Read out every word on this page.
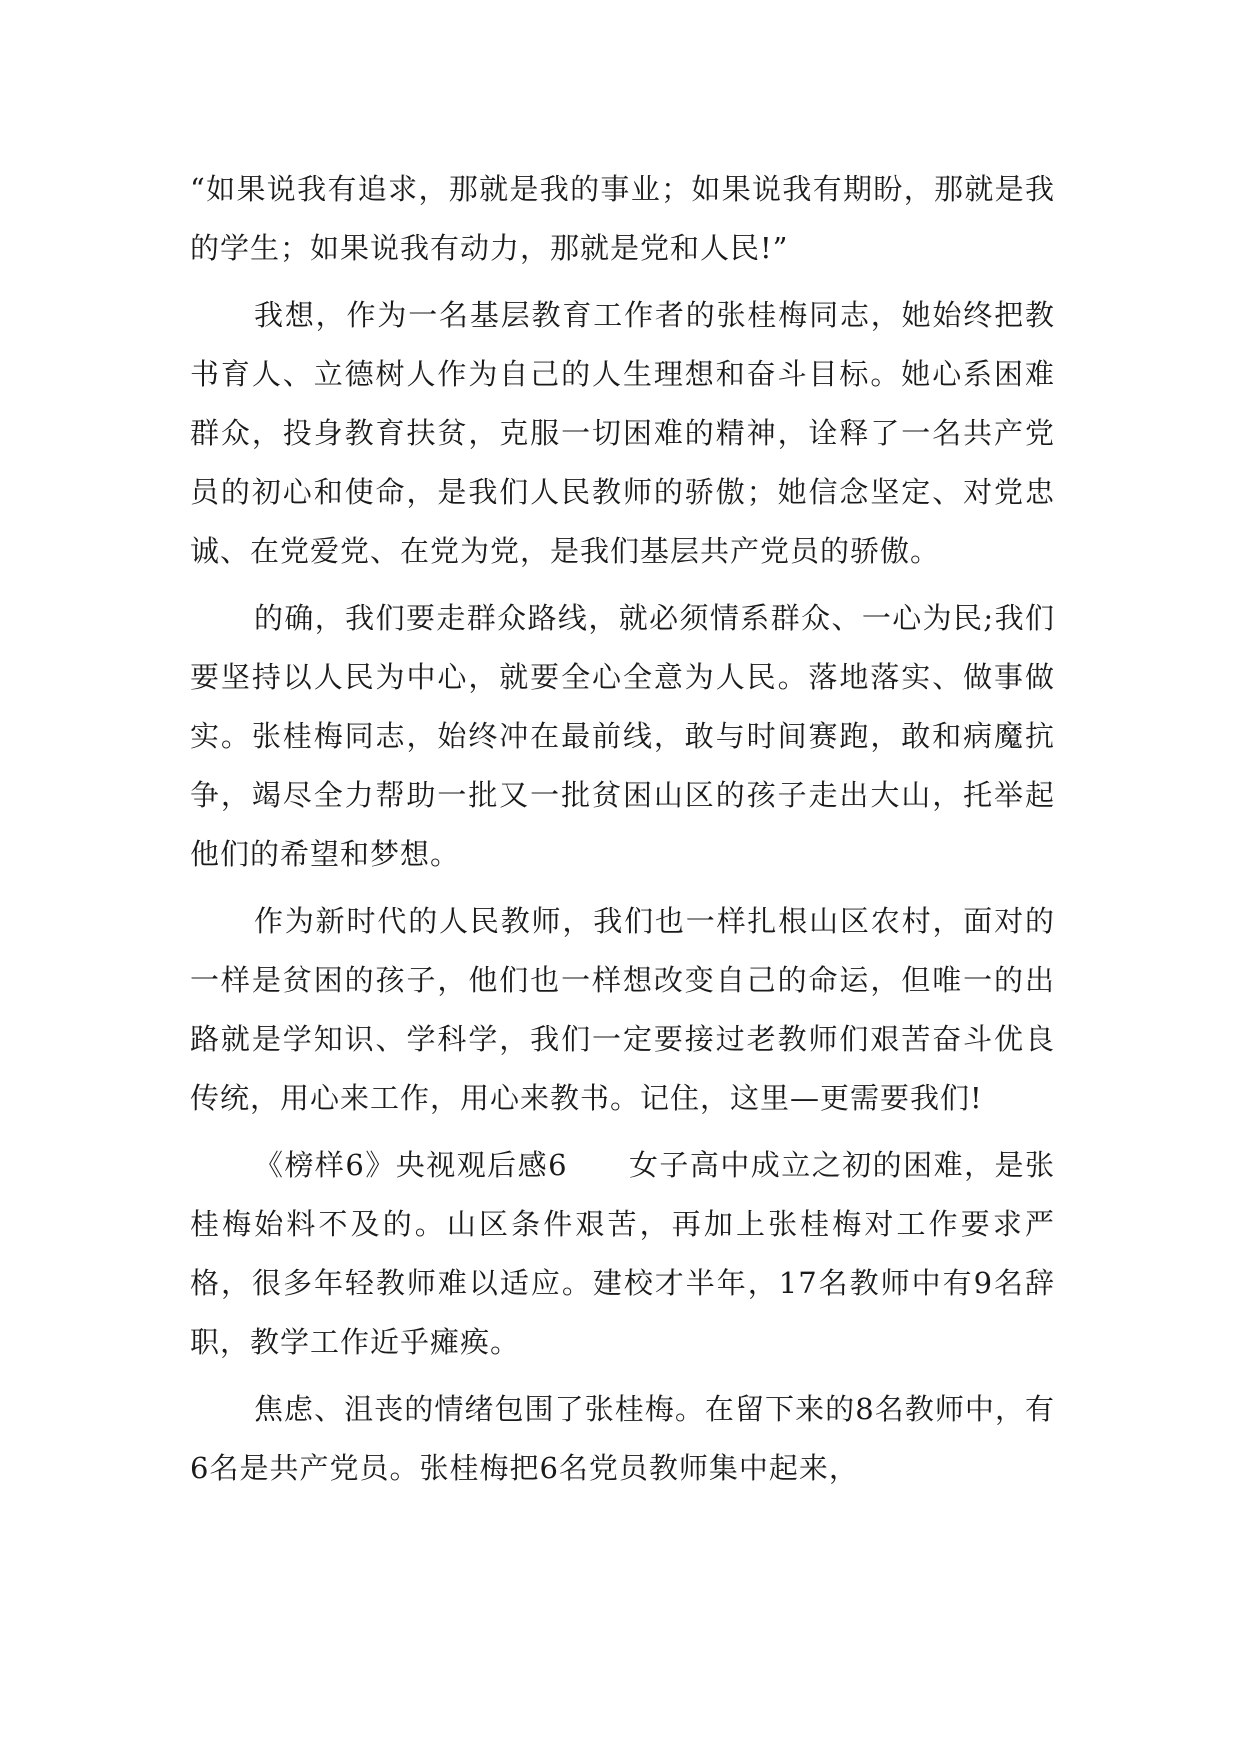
“如果说我有追求，那就是我的事业；如果说我有期盼，那就是我的学生；如果说我有动力，那就是党和人民!”

我想，作为一名基层教育工作者的张桂梅同志，她始终把教书育人、立德树人作为自己的人生理想和奋斗目标。她心系困难群众，投身教育扶贫，克服一切困难的精神，诠释了一名共产党员的初心和使命，是我们人民教师的骄傲；她信念坚定、对党忠诚、在党爱党、在党为党，是我们基层共产党员的骄傲。

的确，我们要走群众路线，就必须情系群众、一心为民;我们要坚持以人民为中心，就要全心全意为人民。落地落实、做事做实。张桂梅同志，始终冲在最前线，敢与时间赛跑，敢和病魔抗争，竭尽全力帮助一批又一批贫困山区的孩子走出大山，托举起他们的希望和梦想。

作为新时代的人民教师，我们也一样扎根山区农村，面对的一样是贫困的孩子，他们也一样想改变自己的命运，但唯一的出路就是学知识、学科学，我们一定要接过老教师们艰苦奋斗优良传统，用心来工作，用心来教书。记住，这里—更需要我们!

《榜样6》央视观后感6　　女子高中成立之初的困难，是张桂梅始料不及的。山区条件艰苦，再加上张桂梅对工作要求严格，很多年轻教师难以适应。建校才半年，17名教师中有9名辞职，教学工作近乎瘫痪。

焦虑、沮丧的情绪包围了张桂梅。在留下来的8名教师中，有6名是共产党员。张桂梅把6名党员教师集中起来，
